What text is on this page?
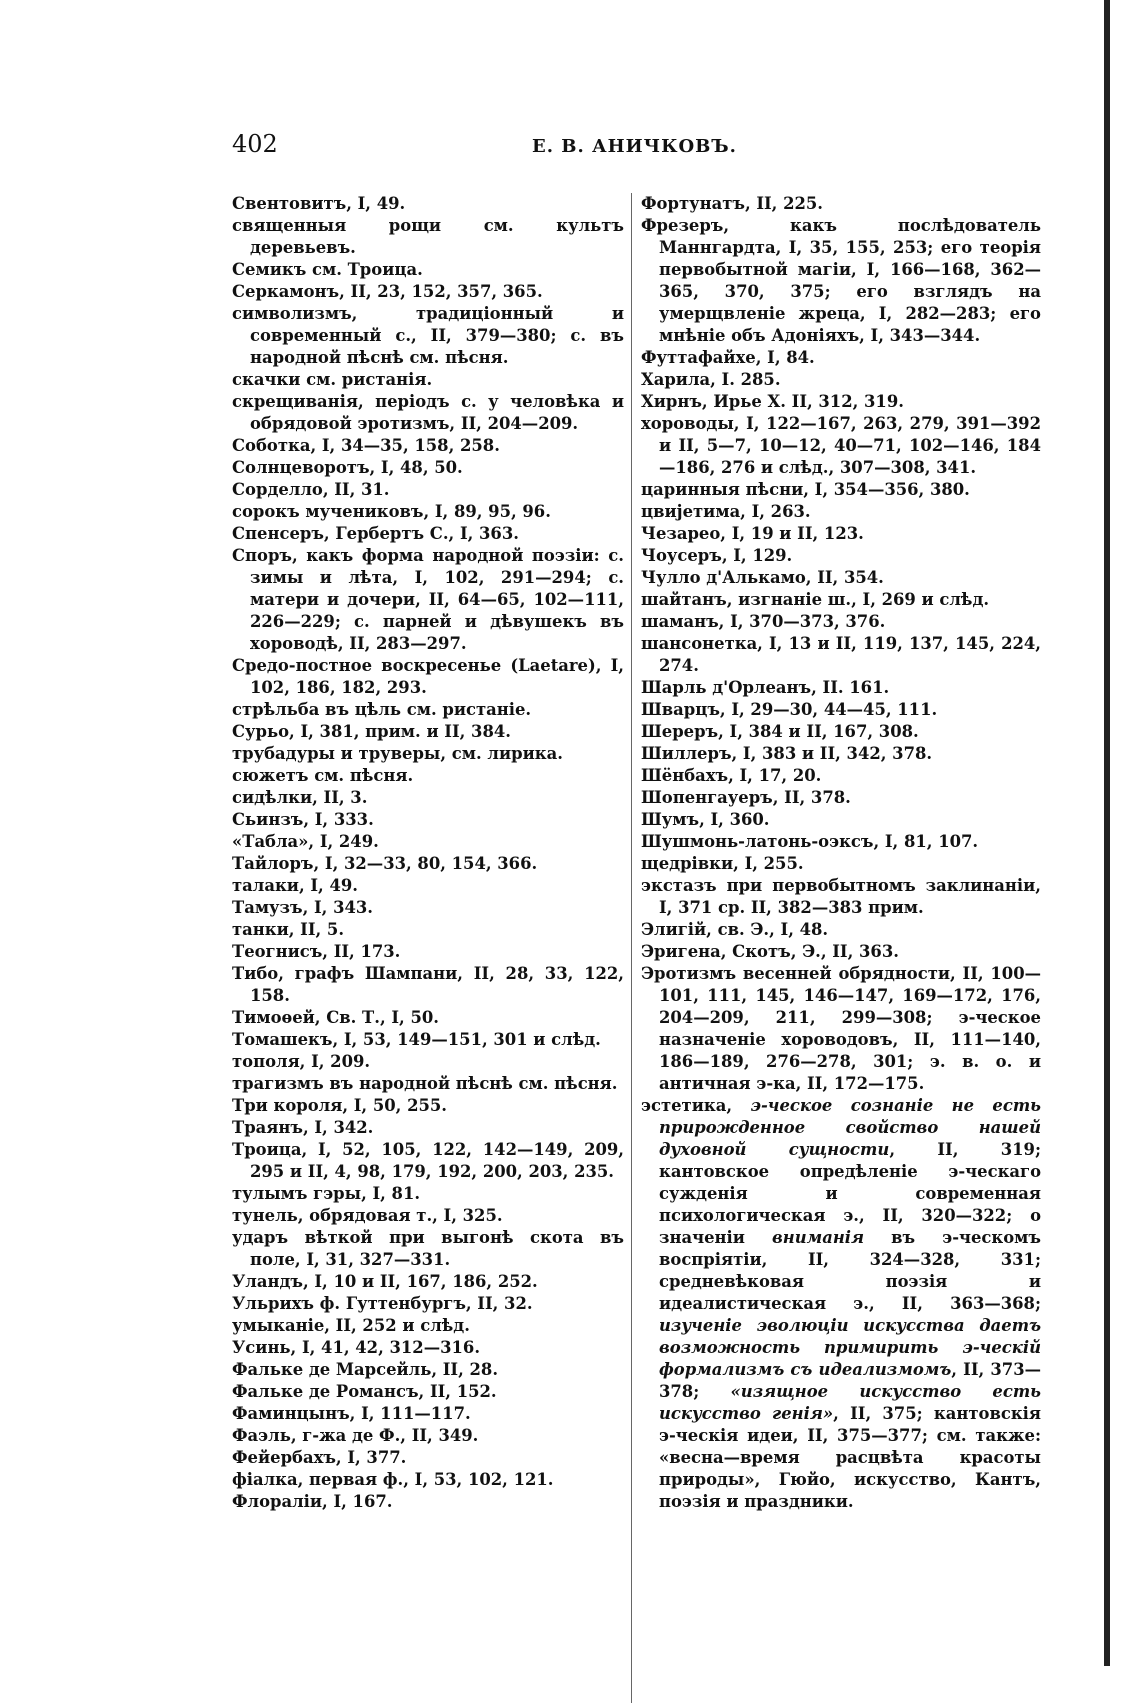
402	Е. В. АНИЧКОВЪ.
Свентовитъ, I, 49.
священныя рощи см. культъ деревьевъ.
Семикъ см. Троица.
Серкамонъ, II, 23, 152, 357, 365.
символизмъ, традиціонный и современный с., II, 379—380; с. въ народной пѣснѣ см. пѣсня.
скачки см. ристанія.
скрещиванія, періодъ с. у человѣка и обрядовой эротизмъ, II, 204—209.
Соботка, I, 34—35, 158, 258.
Солнцеворотъ, I, 48, 50.
Сорделло, II, 31.
сорокъ мучениковъ, I, 89, 95, 96.
Спенсеръ, Гербертъ С., I, 363.
Споръ, какъ форма народной поэзіи: с. зимы и лѣта, I, 102, 291—294; с. матери и дочери, II, 64—65, 102—111, 226—229; с. парней и дѣвушекъ въ хороводѣ, II, 283—297.
Средо-постное воскресенье (Laetare), I, 102, 186, 182, 293.
стрѣльба въ цѣль см. ристаніе.
Сурьо, I, 381, прим. и II, 384.
трубадуры и труверы, см. лирика.
сюжетъ см. пѣсня.
сидѣлки, II, 3.
Сьинзъ, I, 333.
«Табла», I, 249.
Тайлоръ, I, 32—33, 80, 154, 366.
талаки, I, 49.
Тамузъ, I, 343.
танки, II, 5.
Теогнисъ, II, 173.
Тибо, графъ Шампани, II, 28, 33, 122, 158.
Тимоѳей, Св. Т., I, 50.
Томашекъ, I, 53, 149—151, 301 и слѣд.
тополя, I, 209.
трагизмъ въ народной пѣснѣ см. пѣсня.
Три короля, I, 50, 255.
Траянъ, I, 342.
Троица, I, 52, 105, 122, 142—149, 209, 295 и II, 4, 98, 179, 192, 200, 203, 235.
тулымъ гэры, I, 81.
тунель, обрядовая т., I, 325.
ударъ вѣткой при выгонѣ скота въ поле, I, 31, 327—331.
Уландъ, I, 10 и II, 167, 186, 252.
Ульрихъ ф. Гуттенбургъ, II, 32.
умыканіе, II, 252 и слѣд.
Усинь, I, 41, 42, 312—316.
Фальке де Марсейль, II, 28.
Фальке де Романсъ, II, 152.
Фаминцынъ, I, 111—117.
Фаэль, г-жа де Ф., II, 349.
Фейербахъ, I, 377.
фіалка, первая ф., I, 53, 102, 121.
Флораліи, I, 167.
Фортунатъ, II, 225.
Фрезеръ, какъ послѣдователь Маннгардта, I, 35, 155, 253; его теорія первобытной магіи, I, 166—168, 362—365, 370, 375; его взглядъ на умерщвленіе жреца, I, 282—283; его мнѣніе объ Адоніяхъ, I, 343—344.
Футтафайхе, I, 84.
Харила, I. 285.
Хирнъ, Ирье Х. II, 312, 319.
хороводы, I, 122—167, 263, 279, 391—392 и II, 5—7, 10—12, 40—71, 102—146, 184—186, 276 и слѣд., 307—308, 341.
царинныя пѣсни, I, 354—356, 380.
цвијетима, I, 263.
Чезарео, I, 19 и II, 123.
Чоусеръ, I, 129.
Чулло д'Алькамо, II, 354.
шайтанъ, изгнаніе ш., I, 269 и слѣд.
шаманъ, I, 370—373, 376.
шансонетка, I, 13 и II, 119, 137, 145, 224, 274.
Шарль д'Орлеанъ, II. 161.
Шварцъ, I, 29—30, 44—45, 111.
Шереръ, I, 384 и II, 167, 308.
Шиллеръ, I, 383 и II, 342, 378.
Шёнбахъ, I, 17, 20.
Шопенгауеръ, II, 378.
Шумъ, I, 360.
Шушмонь-латонь-оэксъ, I, 81, 107.
щедрівки, I, 255.
экстазъ при первобытномъ заклинаніи, I, 371 ср. II, 382—383 прим.
Элигій, св. Э., I, 48.
Эригена, Скотъ, Э., II, 363.
Эротизмъ весенней обрядности, II, 100—101, 111, 145, 146—147, 169—172, 176, 204—209, 211, 299—308; э-ческое назначеніе хороводовъ, II, 111—140, 186—189, 276—278, 301; э. в. о. и античная э-ка, II, 172—175.
эстетика, э-ческое сознаніе не есть прирожденное свойство нашей духовной сущности, II, 319; кантовское опредѣленіе э-ческаго сужденія и современная психологическая э., II, 320—322; о значеніи вниманія въ э-ческомъ воспріятіи, II, 324—328, 331; средневѣковая поэзія и идеалистическая э., II, 363—368; изученіе эволюціи искусства даетъ возможность примирить э-ческій формализмъ съ идеализмомъ, II, 373—378; «изящное искусство есть искусство генія», II, 375; кантовскія э-ческія идеи, II, 375—377; см. также: «весна—время расцвѣта красоты природы», Гюйо, искусство, Кантъ, поэзія и праздники.
